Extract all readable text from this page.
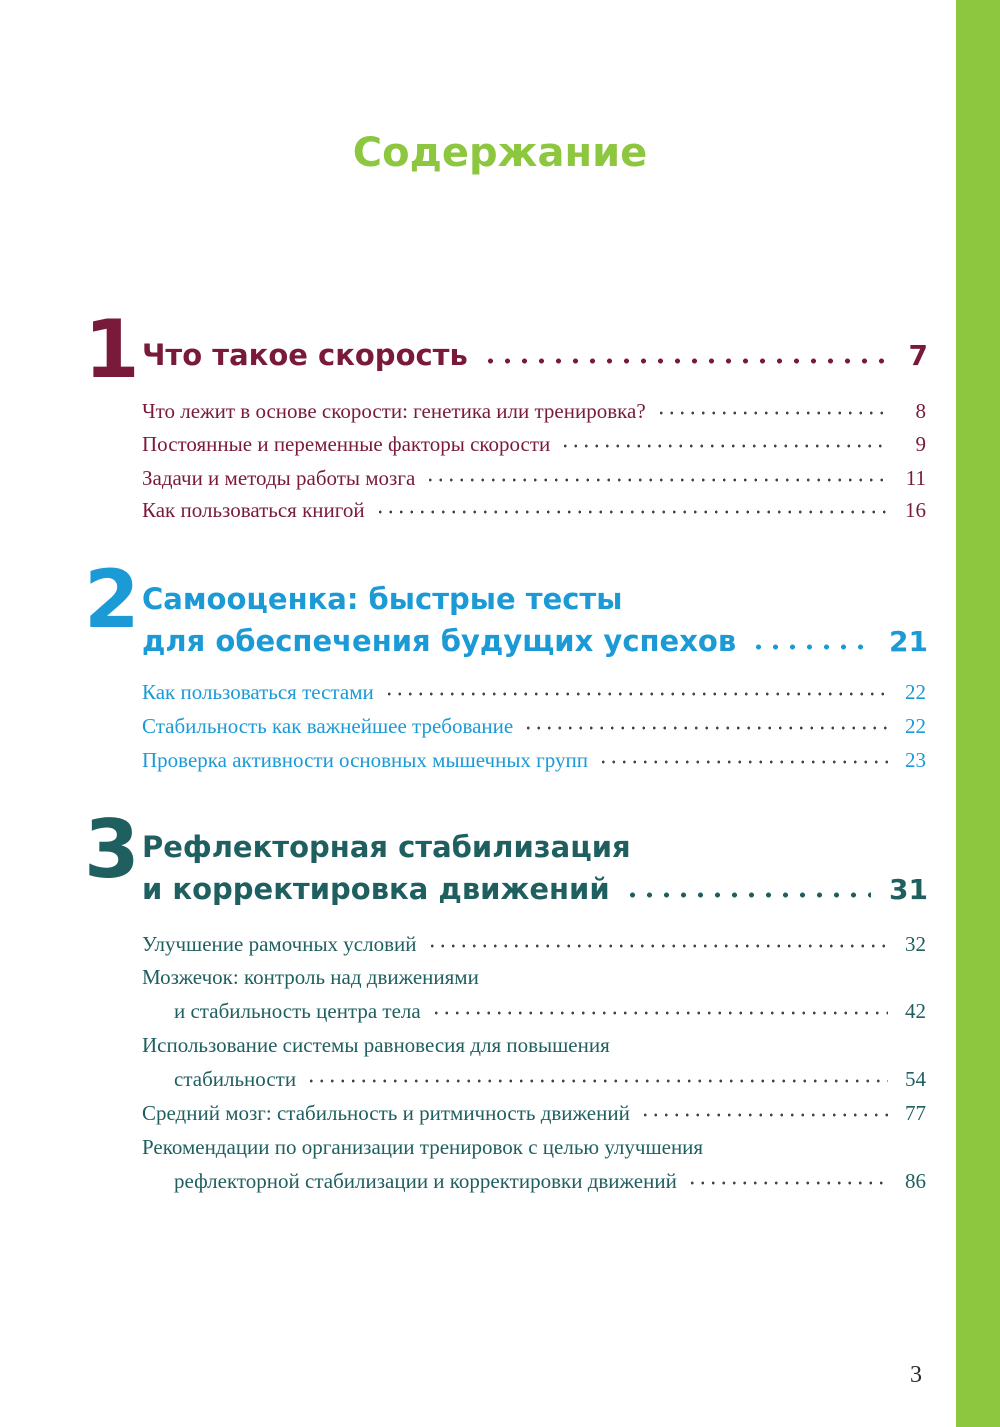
Содержание
1 Что такое скорость	7
Что лежит в основе скорости: генетика или тренировка?	8
Постоянные и переменные факторы скорости	9
Задачи и методы работы мозга	11
Как пользоваться книгой	16
2 Самооценка: быстрые тесты
для обеспечения будущих успехов	21
Как пользоваться тестами	22
Стабильность как важнейшее требование	22
Проверка активности основных мышечных групп	23
3 Рефлекторная стабилизация
и корректировка движений	31
Улучшение рамочных условий	32
Мозжечок: контроль над движениями
и стабильность центра тела	42
Использование системы равновесия для повышения
стабильности	54
Средний мозг: стабильность и ритмичность движений	77
Рекомендации по организации тренировок с целью улучшения
рефлекторной стабилизации и корректировки движений	86
3
